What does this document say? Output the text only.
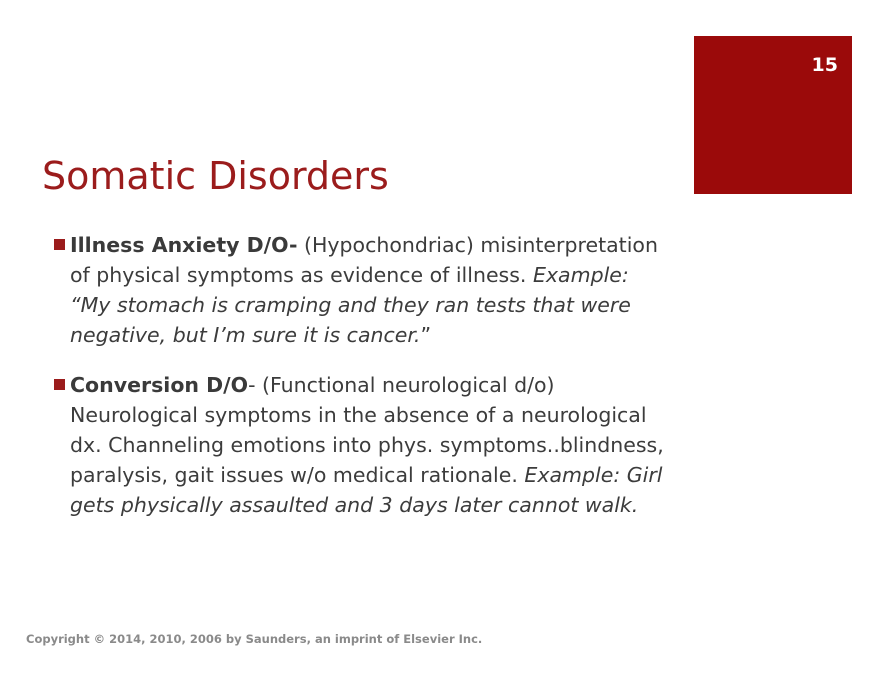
15
Somatic Disorders
Illness Anxiety D/O- (Hypochondriac) misinterpretation of physical symptoms as evidence of illness. Example: “My stomach is cramping and they ran tests that were negative, but I’m sure it is cancer.”
Conversion D/O- (Functional neurological d/o) Neurological symptoms in the absence of a neurological dx. Channeling emotions into phys. symptoms..blindness, paralysis, gait issues w/o medical rationale. Example: Girl gets physically assaulted and 3 days later cannot walk.
Copyright © 2014, 2010, 2006 by Saunders, an imprint of Elsevier Inc.
